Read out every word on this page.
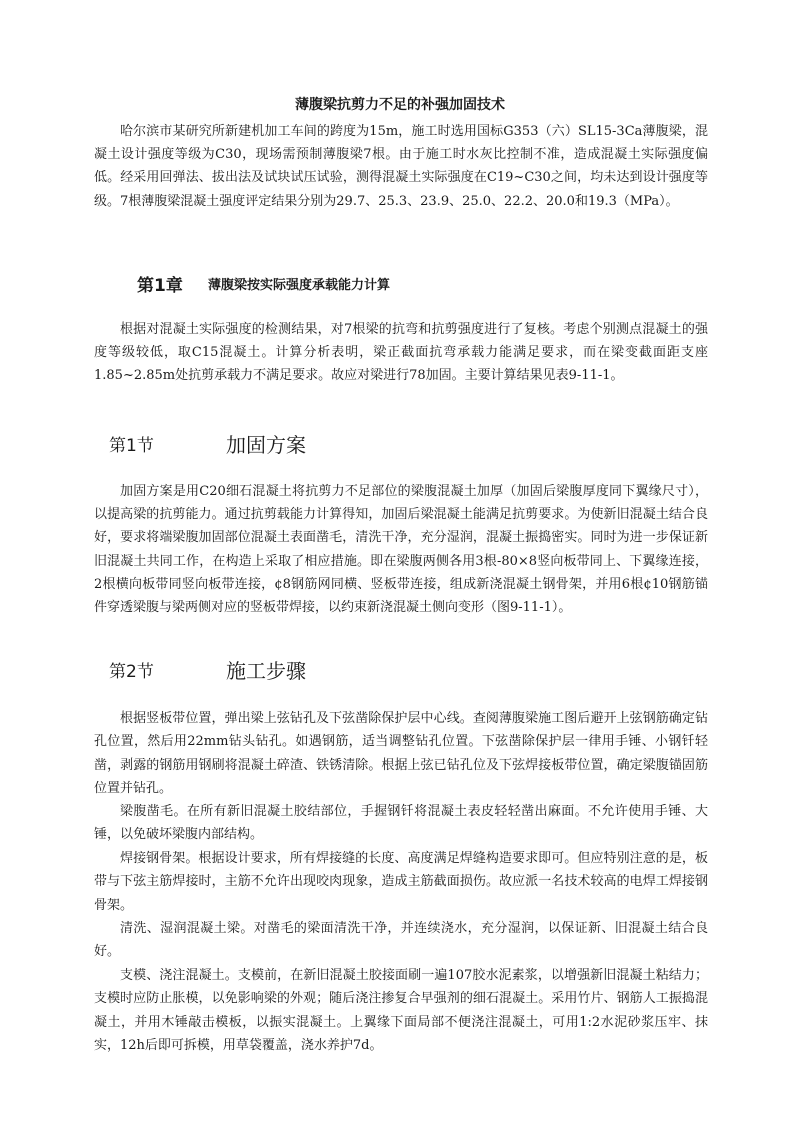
薄腹梁抗剪力不足的补强加固技术

哈尔滨市某研究所新建机加工车间的跨度为15m，施工时选用国标G353（六）SL15-3Ca薄腹梁，混凝土设计强度等级为C30，现场需预制薄腹梁7根。由于施工时水灰比控制不准，造成混凝土实际强度偏低。经采用回弹法、拔出法及试块试压试验，测得混凝土实际强度在C19~C30之间，均未达到设计强度等级。7根薄腹梁混凝土强度评定结果分别为29.7、25.3、23.9、25.0、22.2、20.0和19.3（MPa）。

第1章 薄腹梁按实际强度承载能力计算

根据对混凝土实际强度的检测结果，对7根梁的抗弯和抗剪强度进行了复核。考虑个别测点混凝土的强度等级较低，取C15混凝土。计算分析表明，梁正截面抗弯承载力能满足要求，而在梁变截面距支座1.85~2.85m处抗剪承载力不满足要求。故应对梁进行78加固。主要计算结果见表9-11-1。

第1节	加固方案

加固方案是用C20细石混凝土将抗剪力不足部位的梁腹混凝土加厚（加固后梁腹厚度同下翼缘尺寸），以提高梁的抗剪能力。通过抗剪载能力计算得知，加固后梁混凝土能满足抗剪要求。为使新旧混凝土结合良好，要求将端梁腹加固部位混凝土表面凿毛，清洗干净，充分湿润，混凝土振捣密实。同时为进一步保证新旧混凝土共同工作，在构造上采取了相应措施。即在梁腹两侧各用3根-80×8竖向板带同上、下翼缘连接，2根横向板带同竖向板带连接，¢8钢筋网同横、竖板带连接，组成新浇混凝土钢骨架，并用6根¢10钢筋锚件穿透梁腹与梁两侧对应的竖板带焊接，以约束新浇混凝土侧向变形（图9-11-1）。

第2节	施工步骤

根据竖板带位置，弹出梁上弦钻孔及下弦凿除保护层中心线。查阅薄腹梁施工图后避开上弦钢筋确定钻孔位置，然后用22mm钻头钻孔。如遇钢筋，适当调整钻孔位置。下弦凿除保护层一律用手锤、小钢钎轻凿，剥露的钢筋用钢刷将混凝土碎渣、铁锈清除。根据上弦已钻孔位及下弦焊接板带位置，确定梁腹锚固筋位置并钻孔。

梁腹凿毛。在所有新旧混凝土胶结部位，手握钢钎将混凝土表皮轻轻凿出麻面。不允许使用手锤、大锤，以免破坏梁腹内部结构。

焊接钢骨架。根据设计要求，所有焊接缝的长度、高度满足焊缝构造要求即可。但应特别注意的是，板带与下弦主筋焊接时，主筋不允许出现咬肉现象，造成主筋截面损伤。故应派一名技术较高的电焊工焊接钢骨架。

清洗、湿润混凝土梁。对凿毛的梁面清洗干净，并连续浇水，充分湿润，以保证新、旧混凝土结合良好。

支模、浇注混凝土。支模前，在新旧混凝土胶接面刷一遍107胶水泥素浆，以增强新旧混凝土粘结力；支模时应防止胀模，以免影响梁的外观；随后浇注掺复合早强剂的细石混凝土。采用竹片、钢筋人工振捣混凝土，并用木锤敲击模板，以振实混凝土。上翼缘下面局部不便浇注混凝土，可用1:2水泥砂浆压牢、抹实，12h后即可拆模，用草袋覆盖，浇水养护7d。
